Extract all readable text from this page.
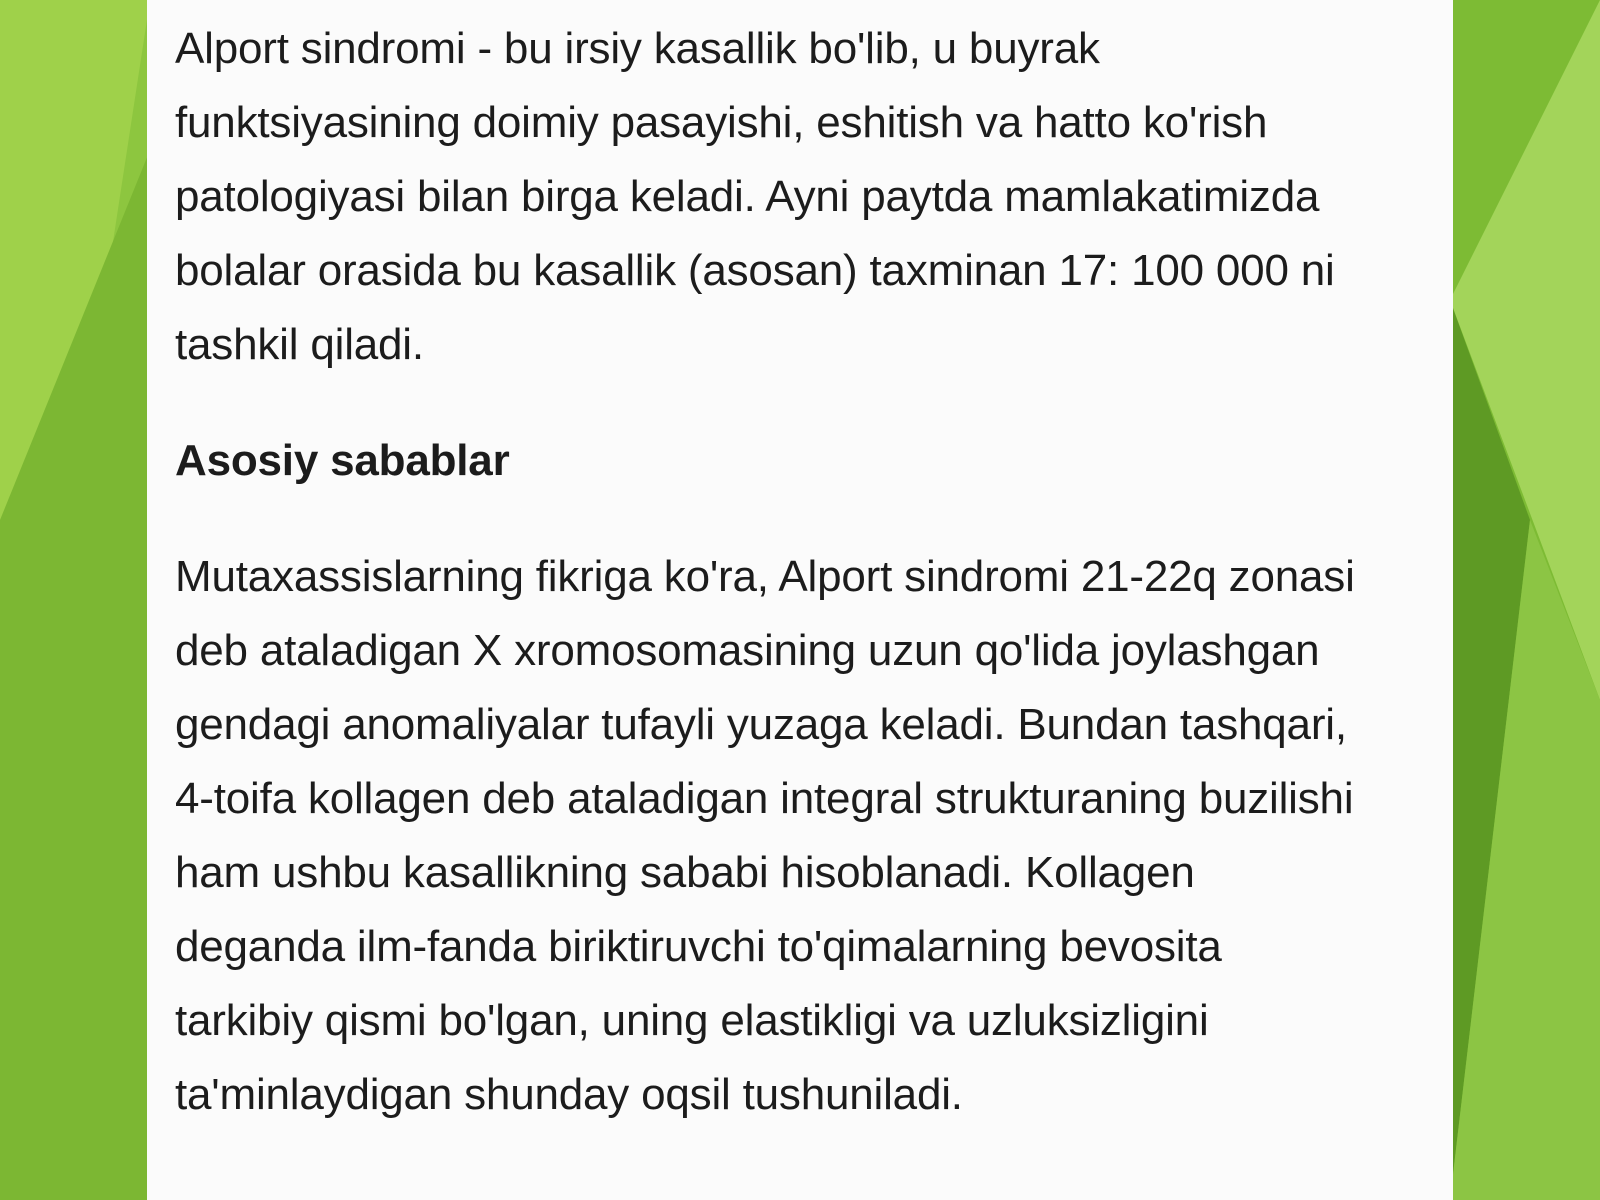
Alport sindromi - bu irsiy kasallik bo'lib, u buyrak
funktsiyasining doimiy pasayishi, eshitish va hatto ko'rish
patologiyasi bilan birga keladi. Ayni paytda mamlakatimizda
bolalar orasida bu kasallik (asosan) taxminan 17: 100 000 ni
tashkil qiladi.
Asosiy sabablar
Mutaxassislarning fikriga ko'ra, Alport sindromi 21-22q zonasi
deb ataladigan X xromosomasining uzun qo'lida joylashgan
gendagi anomaliyalar tufayli yuzaga keladi. Bundan tashqari,
4-toifa kollagen deb ataladigan integral strukturaning buzilishi
ham ushbu kasallikning sababi hisoblanadi. Kollagen
deganda ilm-fanda biriktiruvchi to'qimalarning bevosita
tarkibiy qismi bo'lgan, uning elastikligi va uzluksizligini
ta'minlaydigan shunday oqsil tushuniladi.
